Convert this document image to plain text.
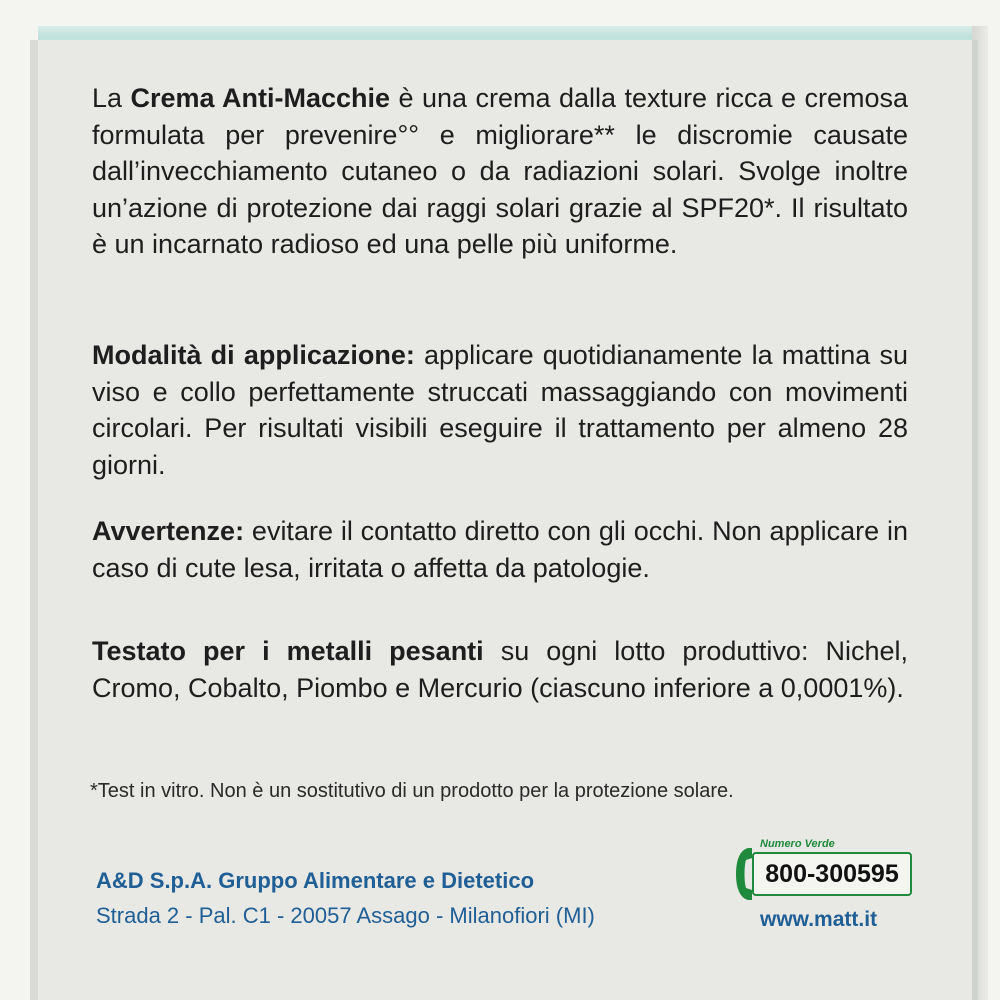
La Crema Anti-Macchie è una crema dalla texture ricca e cremosa formulata per prevenire°° e migliorare** le discromie causate dall’invecchiamento cutaneo o da radiazioni solari. Svolge inoltre un’azione di protezione dai raggi solari grazie al SPF20*. Il risultato è un incarnato radioso ed una pelle più uniforme.

Modalità di applicazione: applicare quotidianamente la mattina su viso e collo perfettamente struccati massaggiando con movimenti circolari. Per risultati visibili eseguire il trattamento per almeno 28 giorni.

Avvertenze: evitare il contatto diretto con gli occhi. Non applicare in caso di cute lesa, irritata o affetta da patologie.

Testato per i metalli pesanti su ogni lotto produttivo: Nichel, Cromo, Cobalto, Piombo e Mercurio (ciascuno inferiore a 0,0001%).

*Test in vitro. Non è un sostitutivo di un prodotto per la protezione solare.
A&D S.p.A. Gruppo Alimentare e Dietetico
Strada 2 - Pal. C1 - 20057 Assago - Milanofiori (MI)
Numero Verde
800-300595
www.matt.it
